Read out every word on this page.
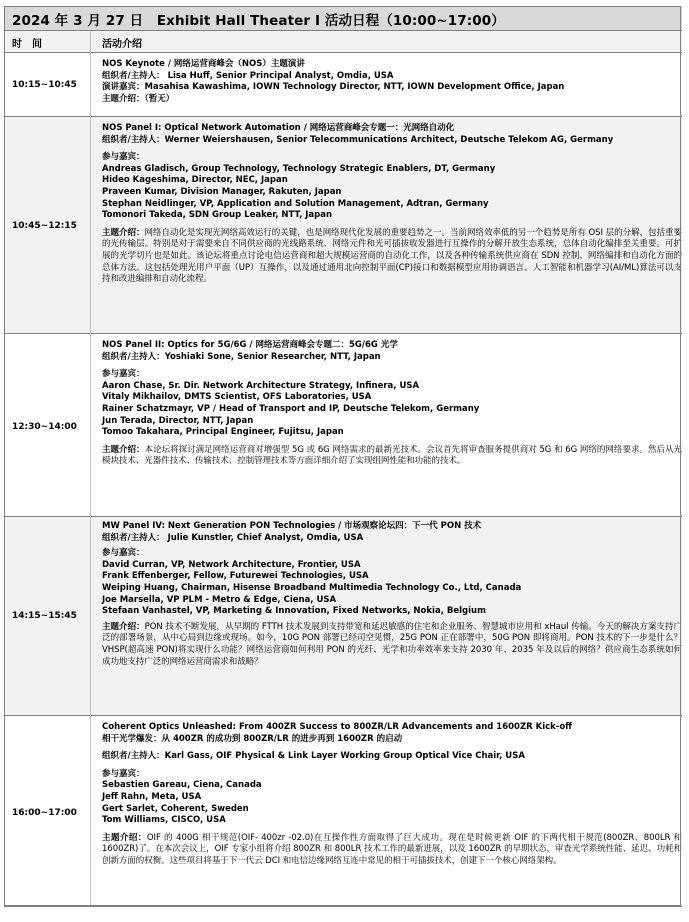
2024 年 3 月 27 日　Exhibit Hall Theater I 活动日程（10:00~17:00）
时　间	活动介绍
10:15~10:45
NOS Keynote / 网络运营商峰会（NOS）主题演讲
组织者/主持人： Lisa Huff, Senior Principal Analyst, Omdia, USA
演讲嘉宾：Masahisa Kawashima, IOWN Technology Director, NTT, IOWN Development Office, Japan
主题介绍：（暂无）
10:45~12:15
NOS Panel I: Optical Network Automation / 网络运营商峰会专题一：光网络自动化
组织者/主持人：Werner Weiershausen, Senior Telecommunications Architect, Deutsche Telekom AG, Germany
参与嘉宾：
Andreas Gladisch, Group Technology, Technology Strategic Enablers, DT, Germany
Hideo Kageshima, Director, NEC, Japan
Praveen Kumar, Division Manager, Rakuten, Japan
Stephan Neidlinger, VP, Application and Solution Management, Adtran, Germany
Tomonori Takeda, SDN Group Leaker, NTT, Japan
主题介绍：网络自动化是实现光网络高效运行的关键，也是网络现代化发展的重要趋势之一。当前网络效率低的另一个趋势是所有 OSI 层的分解，包括重要的光传输层。特别是对于需要来自不同供应商的光线路系统、网络元件和光可插拔收发器进行互操作的分解开放生态系统，总体自动化编排至关重要。可扩展的光学切片也是如此。该论坛将重点讨论电信运营商和超大规模运营商的自动化工作，以及各种传输系统供应商在 SDN 控制、网络编排和自动化方面的总体方法。这包括处理光用户平面（UP）互操作，以及通过通用北向控制平面(CP)接口和数据模型应用协调语言。人工智能和机器学习(AI/ML)算法可以支持和改进编排和自动化流程。
12:30~14:00
NOS Panel II: Optics for 5G/6G / 网络运营商峰会专题二：5G/6G 光学
组织者/主持人：Yoshiaki Sone, Senior Researcher, NTT, Japan
参与嘉宾：
Aaron Chase, Sr. Dir. Network Architecture Strategy, Infinera, USA
Vitaly Mikhailov, DMTS Scientist, OFS Laboratories, USA
Rainer Schatzmayr, VP / Head of Transport and IP, Deutsche Telekom, Germany
Jun Terada, Director, NTT, Japan
Tomoo Takahara, Principal Engineer, Fujitsu, Japan
主题介绍：本论坛将探讨满足网络运营商对增强型 5G 或 6G 网络需求的最新光技术。会议首先将审查服务提供商对 5G 和 6G 网络的网络要求。然后从光模块技术、光器件技术、传输技术、控制管理技术等方面详细介绍了实现组网性能和功能的技术。
14:15~15:45
MW Panel IV: Next Generation PON Technologies / 市场观察论坛四：下一代 PON 技术
组织者/主持人： Julie Kunstler, Chief Analyst, Omdia, USA
参与嘉宾：
David Curran, VP, Network Architecture, Frontier, USA
Frank Effenberger, Fellow, Futurewei Technologies, USA
Weiping Huang, Chairman, Hisense Broadband Multimedia Technology Co., Ltd, Canada
Joe Marsella, VP PLM - Metro & Edge, Ciena, USA
Stefaan Vanhastel, VP, Marketing & Innovation, Fixed Networks, Nokia, Belgium
主题介绍：PON 技术不断发展，从早期的 FTTH 技术发展到支持带宽和延迟敏感的住宅和企业服务、智慧城市应用和 xHaul 传输。今天的解决方案支持广泛的部署场景，从中心局到边缘或现场。如今，10G PON 部署已经司空见惯，25G PON 正在部署中，50G PON 即将商用。PON 技术的下一步是什么？VHSP(超高速 PON)将实现什么功能？网络运营商如何利用 PON 的光纤、光学和功率效率来支持 2030 年、2035 年及以后的网络？供应商生态系统如何成功地支持广泛的网络运营商需求和战略？
16:00~17:00
Coherent Optics Unleashed: From 400ZR Success to 800ZR/LR Advancements and 1600ZR Kick-off
相干光学爆发：从 400ZR 的成功到 800ZR/LR 的进步再到 1600ZR 的启动
组织者/主持人：Karl Gass, OIF Physical & Link Layer Working Group Optical Vice Chair, USA
参与嘉宾：
Sebastien Gareau, Ciena, Canada
Jeff Rahn, Meta, USA
Gert Sarlet, Coherent, Sweden
Tom Williams, CISCO, USA
主题介绍：OIF 的 400G 相干规范(OIF- 400zr -02.0)在互操作性方面取得了巨大成功。现在是时候更新 OIF 的下两代相干规范(800ZR、800LR 和 1600ZR)了。在本次会议上，OIF 专家小组将介绍 800ZR 和 800LR 技术工作的最新进展，以及 1600ZR 的早期状态，审查光学系统性能、延迟、功耗和创新方面的权衡。这些项目将基于下一代云 DCI 和电信边缘网络互连中常见的相干可插拔技术，创建下一个核心网络架构。
